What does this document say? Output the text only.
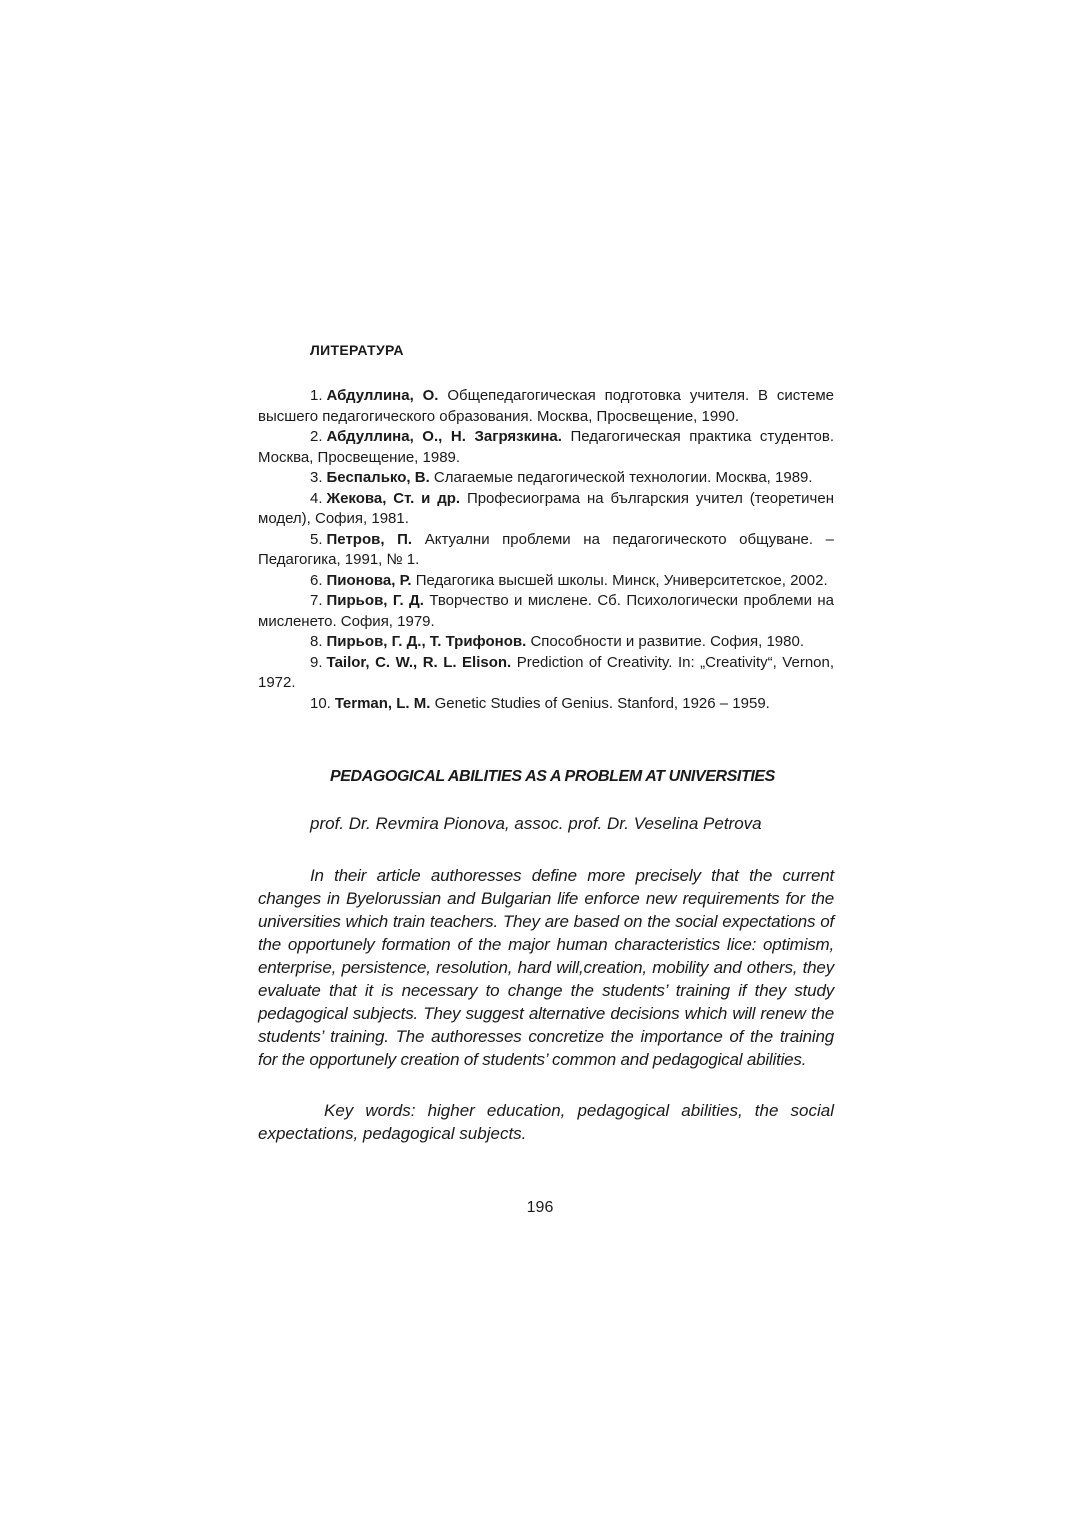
ЛИТЕРАТУРА
1. Абдуллина, О. Общепедагогическая подготовка учителя. В системе высшего педагогического образования. Москва, Просвещение, 1990.
2. Абдуллина, О., Н. Загрязкина. Педагогическая практика студентов. Москва, Просвещение, 1989.
3. Беспалько, В. Слагаемые педагогической технологии. Москва, 1989.
4. Жекова, Ст. и др. Професиограма на българския учител (теоретичен модел), София, 1981.
5. Петров, П. Актуални проблеми на педагогическото общуване. – Педагогика, 1991, № 1.
6. Пионова, Р. Педагогика высшей школы. Минск, Университетское, 2002.
7. Пирьов, Г. Д. Творчество и мислене. Сб. Психологически проблеми на мисленето. София, 1979.
8. Пирьов, Г. Д., Т. Трифонов. Способности и развитие. София, 1980.
9. Tailor, C. W., R. L. Elison. Prediction of Creativity. In: „Creativity“, Vernon, 1972.
10. Terman, L. M. Genetic Studies of Genius. Stanford, 1926 – 1959.
PEDAGOGICAL ABILITIES AS A PROBLEM AT UNIVERSITIES
prof. Dr. Revmira Pionova, assoc. prof. Dr. Veselina Petrova

In their article authoresses define more precisely that the current changes in Byelorussian and Bulgarian life enforce new requirements for the universities which train teachers. They are based on the social expectations of the opportunely formation of the major human characteristics lice: optimism, enterprise, persistence, resolution, hard will,creation, mobility and others, they evaluate that it is necessary to change the students’ training if they study pedagogical subjects. They suggest alternative decisions which will renew the students’ training. The authoresses concretize the importance of the training for the opportunely creation of students’ common and pedagogical abilities.

Key words: higher education, pedagogical abilities, the social expectations, pedagogical subjects.

196
